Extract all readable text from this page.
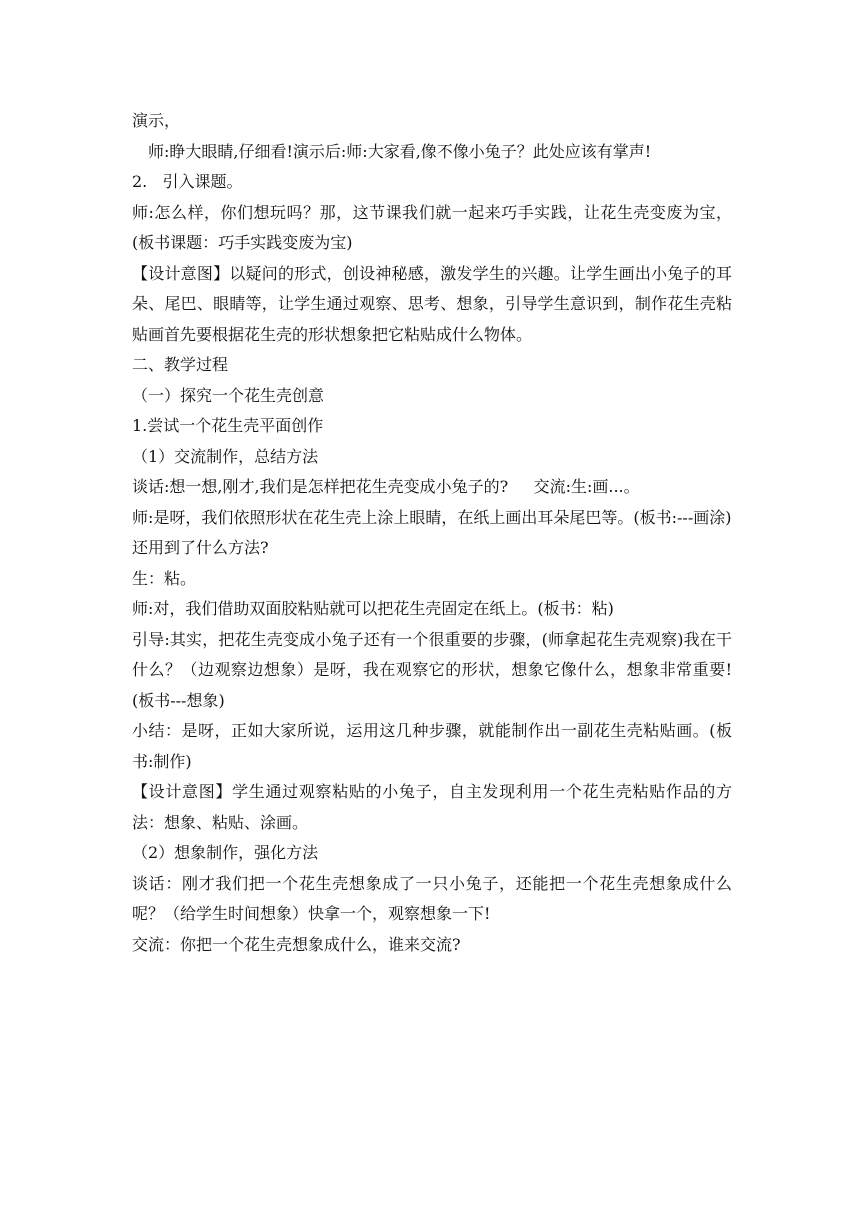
演示，

师:睁大眼睛,仔细看!演示后:师:大家看,像不像小兔子？此处应该有掌声!

2.   引入课题。

师:怎么样，你们想玩吗？那，这节课我们就一起来巧手实践，让花生壳变废为宝，(板书课题：巧手实践变废为宝)

【设计意图】以疑问的形式，创设神秘感，激发学生的兴趣。让学生画出小兔子的耳朵、尾巴、眼睛等，让学生通过观察、思考、想象，引导学生意识到，制作花生壳粘贴画首先要根据花生壳的形状想象把它粘贴成什么物体。

二、教学过程

（一）探究一个花生壳创意

1.尝试一个花生壳平面创作

（1）交流制作，总结方法

谈话:想一想,刚才,我们是怎样把花生壳变成小兔子的?     交流:生:画...。

师:是呀，我们依照形状在花生壳上涂上眼睛，在纸上画出耳朵尾巴等。(板书:---画涂)

还用到了什么方法?

生：粘。

师:对，我们借助双面胶粘贴就可以把花生壳固定在纸上。(板书：粘)

引导:其实，把花生壳变成小兔子还有一个很重要的步骤，(师拿起花生壳观察)我在干什么？（边观察边想象）是呀，我在观察它的形状，想象它像什么，想象非常重要!(板书---想象)

小结：是呀，正如大家所说，运用这几种步骤，就能制作出一副花生壳粘贴画。(板书:制作)

【设计意图】学生通过观察粘贴的小兔子，自主发现利用一个花生壳粘贴作品的方法：想象、粘贴、涂画。

（2）想象制作，强化方法

谈话：刚才我们把一个花生壳想象成了一只小兔子，还能把一个花生壳想象成什么呢？（给学生时间想象）快拿一个，观察想象一下!

交流：你把一个花生壳想象成什么，谁来交流?
